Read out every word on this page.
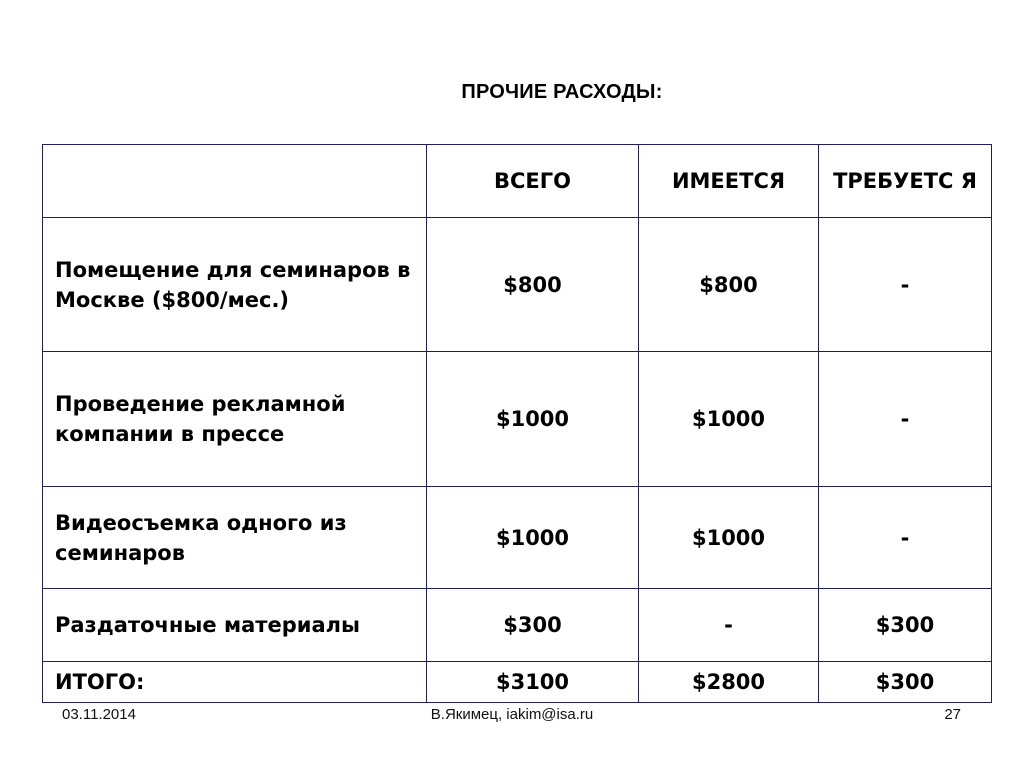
ПРОЧИЕ РАСХОДЫ:
	ВСЕГО	ИМЕЕТСЯ	ТРЕБУЕТС Я
Помещение для семинаров в Москве ($800/мес.)	$800	$800	-
Проведение рекламной компании в прессе	$1000	$1000	-
Видеосъемка одного из семинаров	$1000	$1000	-
Раздаточные материалы	$300	-	$300
ИТОГО:	$3100	$2800	$300
03.11.2014	В.Якимец, iakim@isa.ru	27
